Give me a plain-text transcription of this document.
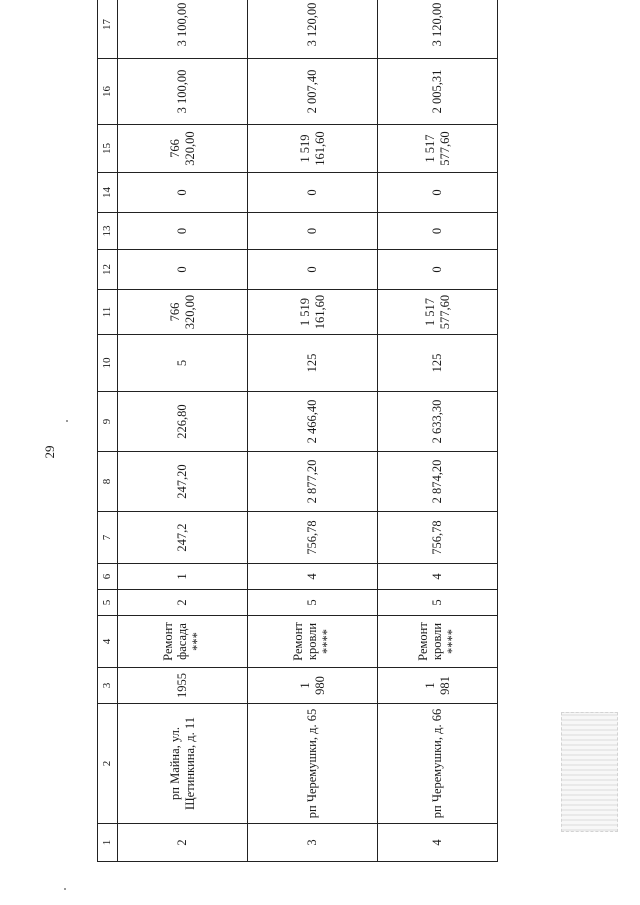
29
1	2	3	4	5	6	7	8	9	10	11	12	13	14	15	16	17	
2	рп Майна, ул. Щетинкина, д. 11	1955	Ремонт фасада ***	2	1	247,2	247,20	226,80	5	766 320,00	0	0	0	766 320,00	3 100,00	3 100,00	
3	рп Черемушки, д. 65	1 980	Ремонт кровли ****	5	4	756,78	2 877,20	2 466,40	125	1 519 161,60	0	0	0	1 519 161,60	2 007,40	3 120,00	
4	рп Черемушки, д. 66	1 981	Ремонт кровли ****	5	4	756,78	2 874,20	2 633,30	125	1 517 577,60	0	0	0	1 517 577,60	2 005,31	3 120,00	
